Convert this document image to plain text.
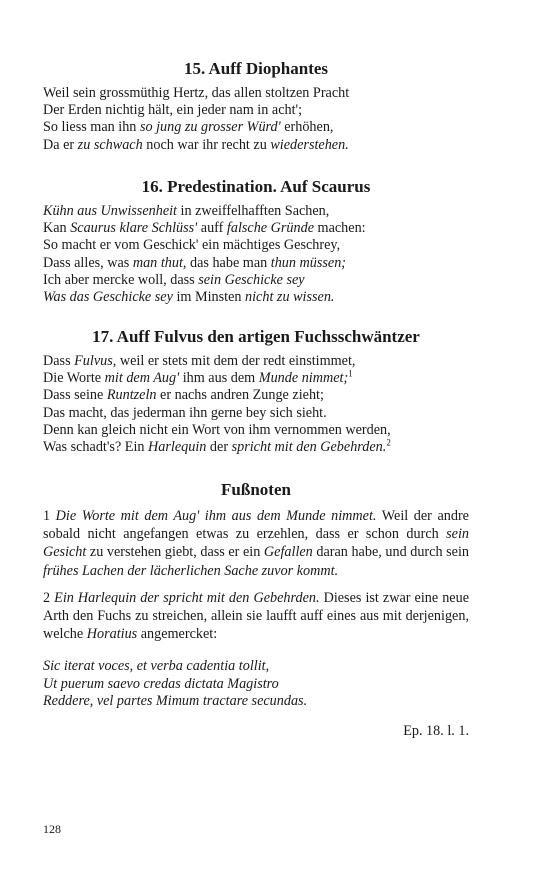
15. Auff Diophantes
Weil sein grossmüthig Hertz, das allen stoltzen Pracht
Der Erden nichtig hält, ein jeder nam in acht';
So liess man ihn so jung zu grosser Würd' erhöhen,
Da er zu schwach noch war ihr recht zu wiederstehen.
16. Predestination. Auf Scaurus
Kühn aus Unwissenheit in zweiffelhafften Sachen,
Kan Scaurus klare Schlüss' auff falsche Gründe machen:
So macht er vom Geschick' ein mächtiges Geschrey,
Dass alles, was man thut, das habe man thun müssen;
Ich aber mercke woll, dass sein Geschicke sey
Was das Geschicke sey im Minsten nicht zu wissen.
17. Auff Fulvus den artigen Fuchsschwäntzer
Dass Fulvus, weil er stets mit dem der redt einstimmet,
Die Worte mit dem Aug' ihm aus dem Munde nimmet;$^1$
Dass seine Runtzeln er nachs andren Zunge zieht;
Das macht, das jederman ihn gerne bey sich sieht.
Denn kan gleich nicht ein Wort von ihm vernommen werden,
Was schadt's? Ein Harlequin der spricht mit den Gebehrden.$^2$
Fußnoten

1 Die Worte mit dem Aug' ihm aus dem Munde nimmet. Weil der andre sobald nicht angefangen etwas zu erzehlen, dass er schon durch sein Gesicht zu verstehen giebt, dass er ein Gefallen daran habe, und durch sein frühes Lachen der lächerlichen Sache zuvor kommt.

2 Ein Harlequin der spricht mit den Gebehrden. Dieses ist zwar eine neue Arth den Fuchs zu streichen, allein sie laufft auff eines aus mit derjenigen, welche Horatius angemercket:

Sic iterat voces, et verba cadentia tollit,
Ut puerum saevo credas dictata Magistro
Reddere, vel partes Mimum tractare secundas.

Ep. 18. l. 1.

128
